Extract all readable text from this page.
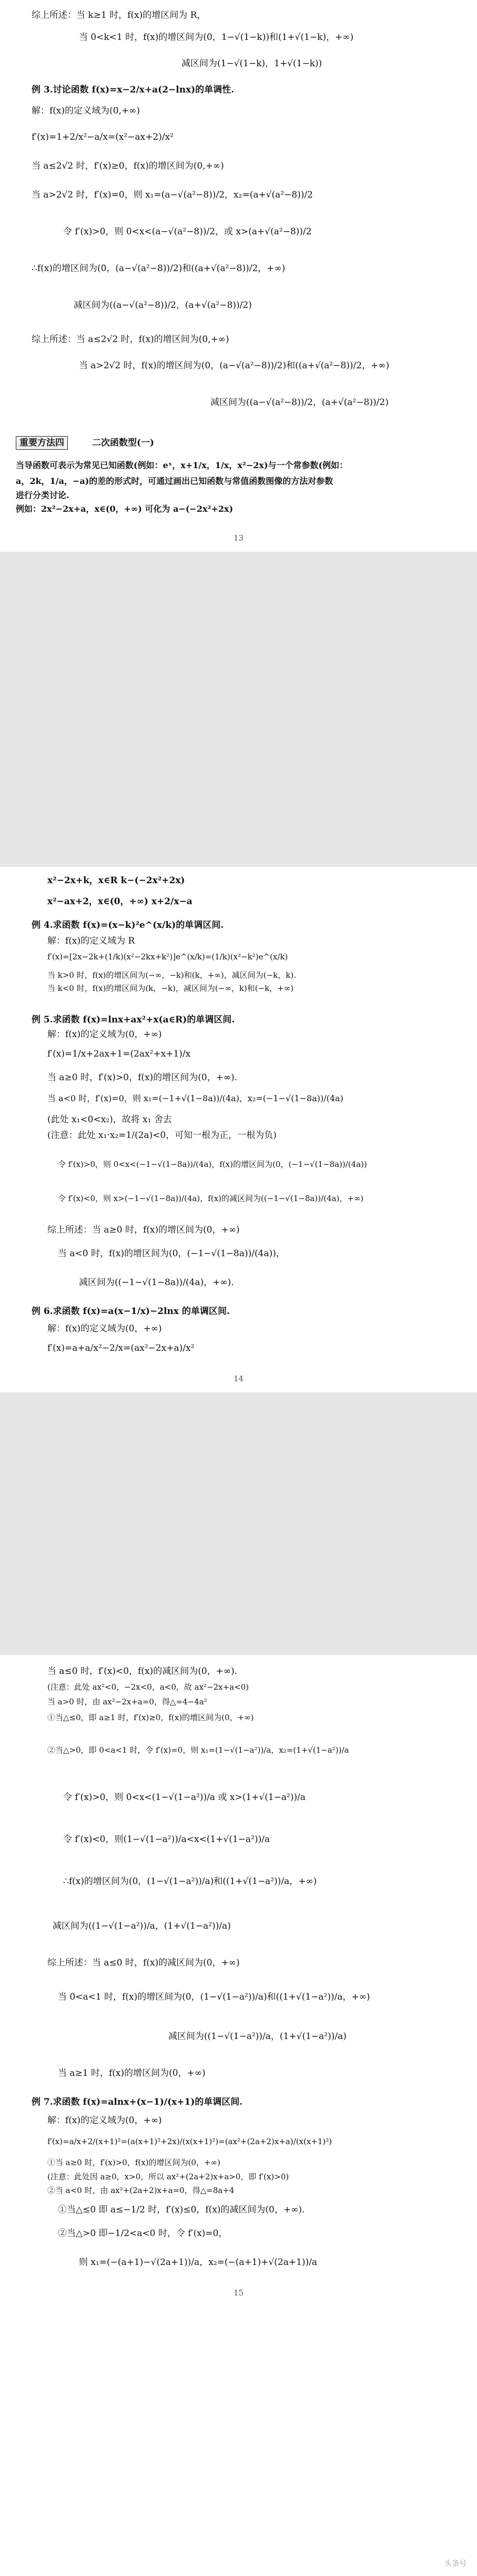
综上所述：当 k≥1 时，f(x)的增区间为 R，
当 0<k<1 时，f(x)的增区间为(0，1−√(1−k))和(1+√(1−k)，+∞)
减区间为(1−√(1−k)，1+√(1−k))
例 3.讨论函数 f(x)=x−2/x+a(2−lnx)的单调性.
解：f(x)的定义域为(0,+∞)
f′(x)=1+2/x²−a/x=(x²−ax+2)/x²
当 a≤2√2 时，f′(x)≥0，f(x)的增区间为(0,+∞)
当 a>2√2 时，f′(x)=0，则 x₁=(a−√(a²−8))/2，x₂=(a+√(a²−8))/2
令 f′(x)>0，则 0<x<(a−√(a²−8))/2，或 x>(a+√(a²−8))/2
∴f(x)的增区间为(0，(a−√(a²−8))/2)和((a+√(a²−8))/2，+∞)
减区间为((a−√(a²−8))/2，(a+√(a²−8))/2)
综上所述：当 a≤2√2 时，f(x)的增区间为(0,+∞)
当 a>2√2 时，f(x)的增区间为(0，(a−√(a²−8))/2)和((a+√(a²−8))/2，+∞)
减区间为((a−√(a²−8))/2，(a+√(a²−8))/2)
重要方法四	二次函数型(一)
当导函数可表示为常见已知函数(例如：eˣ，x+1/x，1/x，x²−2x)与一个常参数(例如：
a，2k，1/a，−a)的差的形式时，可通过画出已知函数与常值函数图像的方法对参数
进行分类讨论.
例如：2x²−2x+a，x∈(0，+∞) 可化为 a−(−2x²+2x)
13
x²−2x+k，x∈R k−(−2x²+2x)
x²−ax+2，x∈(0，+∞) x+2/x−a
例 4.求函数 f(x)=(x−k)²e^(x/k)的单调区间.
解：f(x)的定义域为 R
f′(x)=[2x−2k+(1/k)(x²−2kx+k²)]e^(x/k)=(1/k)(x²−k²)e^(x/k)
当 k>0 时，f(x)的增区间为(−∞，−k)和(k，+∞)，减区间为(−k，k).
当 k<0 时，f(x)的增区间为(k，−k)，减区间为(−∞，k)和(−k，+∞)
例 5.求函数 f(x)=lnx+ax²+x(a∈R)的单调区间.
解：f(x)的定义域为(0，+∞)
f′(x)=1/x+2ax+1=(2ax²+x+1)/x
当 a≥0 时，f′(x)>0，f(x)的增区间为(0，+∞).
当 a<0 时，f′(x)=0，则 x₁=(−1+√(1−8a))/(4a)，x₂=(−1−√(1−8a))/(4a)
(此处 x₁<0<x₂)，故将 x₁ 舍去
(注意：此处 x₁·x₂=1/(2a)<0，可知一根为正，一根为负)
令 f′(x)>0，则 0<x<(−1−√(1−8a))/(4a)，f(x)的增区间为(0，(−1−√(1−8a))/(4a))
令 f′(x)<0，则 x>(−1−√(1−8a))/(4a)，f(x)的减区间为((−1−√(1−8a))/(4a)，+∞)
综上所述：当 a≥0 时，f(x)的增区间为(0，+∞)
当 a<0 时，f(x)的增区间为(0，(−1−√(1−8a))/(4a))，
减区间为((−1−√(1−8a))/(4a)，+∞).
例 6.求函数 f(x)=a(x−1/x)−2lnx 的单调区间.
解：f(x)的定义域为(0，+∞)
f′(x)=a+a/x²−2/x=(ax²−2x+a)/x²
14
当 a≤0 时，f′(x)<0，f(x)的减区间为(0，+∞).
(注意：此处 ax²<0，−2x<0，a<0，故 ax²−2x+a<0)
当 a>0 时，由 ax²−2x+a=0，得△=4−4a²
①当△≤0，即 a≥1 时，f′(x)≥0，f(x)的增区间为(0，+∞)
②当△>0，即 0<a<1 时，令 f′(x)=0，则 x₁=(1−√(1−a²))/a，x₂=(1+√(1−a²))/a
令 f′(x)>0，则 0<x<(1−√(1−a²))/a 或 x>(1+√(1−a²))/a
令 f′(x)<0，则(1−√(1−a²))/a<x<(1+√(1−a²))/a
∴f(x)的增区间为(0，(1−√(1−a²))/a)和((1+√(1−a²))/a，+∞)
减区间为((1−√(1−a²))/a，(1+√(1−a²))/a)
综上所述：当 a≤0 时，f(x)的减区间为(0，+∞)
当 0<a<1 时，f(x)的增区间为(0，(1−√(1−a²))/a)和((1+√(1−a²))/a，+∞)
减区间为((1−√(1−a²))/a，(1+√(1−a²))/a)
当 a≥1 时，f(x)的增区间为(0，+∞)
例 7.求函数 f(x)=alnx+(x−1)/(x+1)的单调区间.
解：f(x)的定义域为(0，+∞)
f′(x)=a/x+2/(x+1)²=(a(x+1)²+2x)/(x(x+1)²)=(ax²+(2a+2)x+a)/(x(x+1)²)
①当 a≥0 时，f′(x)>0，f(x)的增区间为(0，+∞)
(注意：此处因 a≥0，x>0，所以 ax²+(2a+2)x+a>0，即 f′(x)>0)
②当 a<0 时，由 ax²+(2a+2)x+a=0，得△=8a+4
①当△≤0 即 a≤−1/2 时，f′(x)≤0，f(x)的减区间为(0，+∞).
②当△>0 即−1/2<a<0 时，令 f′(x)=0，
则 x₁=(−(a+1)−√(2a+1))/a，x₂=(−(a+1)+√(2a+1))/a
15
头条号
